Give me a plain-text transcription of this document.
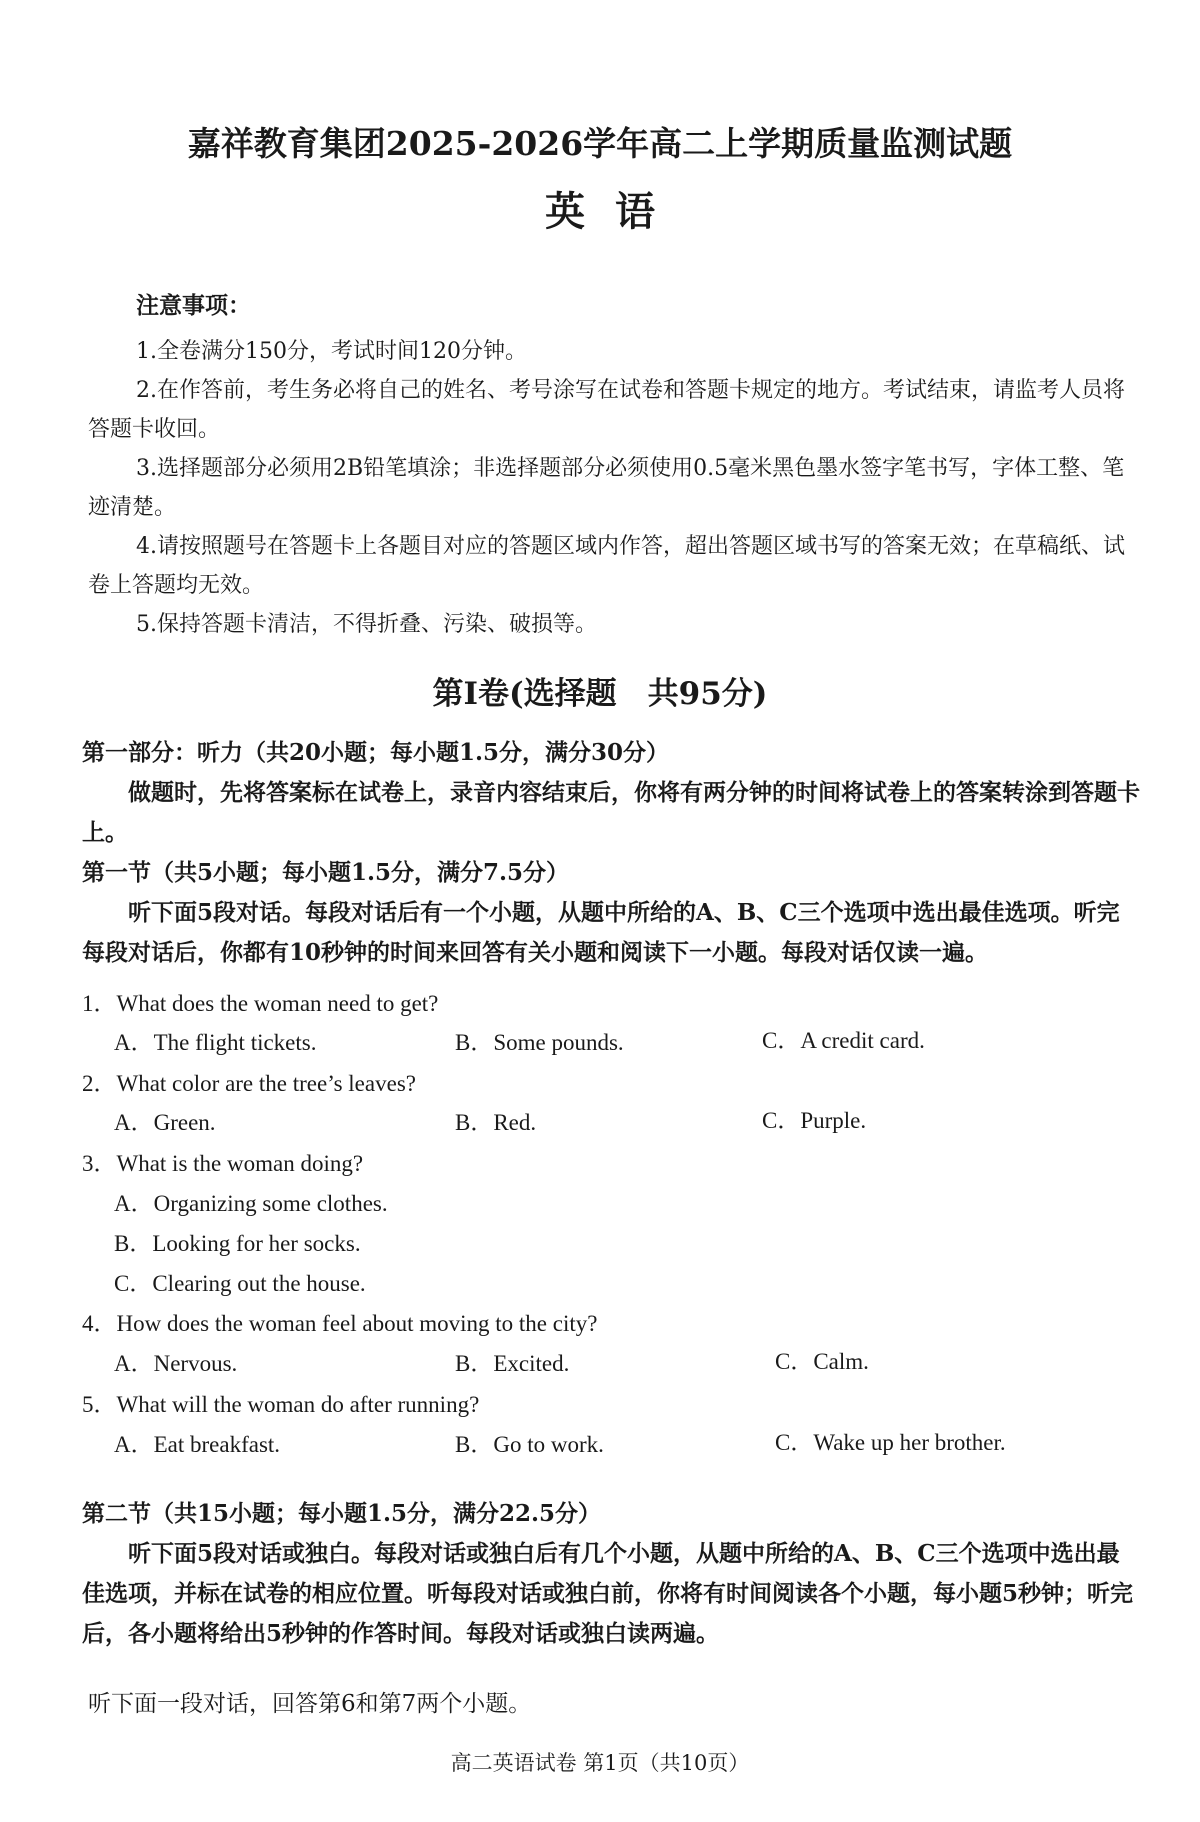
嘉祥教育集团2025-2026学年高二上学期质量监测试题
英语
注意事项：

1.全卷满分150分，考试时间120分钟。

2.在作答前，考生务必将自己的姓名、考号涂写在试卷和答题卡规定的地方。考试结束，请监考人员将答题卡收回。

3.选择题部分必须用2B铅笔填涂；非选择题部分必须使用0.5毫米黑色墨水签字笔书写，字体工整、笔迹清楚。

4.请按照题号在答题卡上各题目对应的答题区域内作答，超出答题区域书写的答案无效；在草稿纸、试卷上答题均无效。

5.保持答题卡清洁，不得折叠、污染、破损等。

第Ⅰ卷(选择题　共95分)

第一部分：听力（共20小题；每小题1.5分，满分30分）

做题时，先将答案标在试卷上，录音内容结束后，你将有两分钟的时间将试卷上的答案转涂到答题卡上。

第一节（共5小题；每小题1.5分，满分7.5分）

听下面5段对话。每段对话后有一个小题，从题中所给的A、B、C三个选项中选出最佳选项。听完每段对话后，你都有10秒钟的时间来回答有关小题和阅读下一小题。每段对话仅读一遍。

1．What does the woman need to get?
A．The flight tickets.	B．Some pounds.	C．A credit card.
2．What color are the tree’s leaves?
A．Green.	B．Red.	C．Purple.
3．What is the woman doing?
A．Organizing some clothes.
B．Looking for her socks.
C．Clearing out the house.
4．How does the woman feel about moving to the city?
A．Nervous.	B．Excited.	C．Calm.
5．What will the woman do after running?
A．Eat breakfast.	B．Go to work.	C．Wake up her brother.

第二节（共15小题；每小题1.5分，满分22.5分）

听下面5段对话或独白。每段对话或独白后有几个小题，从题中所给的A、B、C三个选项中选出最佳选项，并标在试卷的相应位置。听每段对话或独白前，你将有时间阅读各个小题，每小题5秒钟；听完后，各小题将给出5秒钟的作答时间。每段对话或独白读两遍。

听下面一段对话，回答第6和第7两个小题。

高二英语试卷 第1页（共10页）
